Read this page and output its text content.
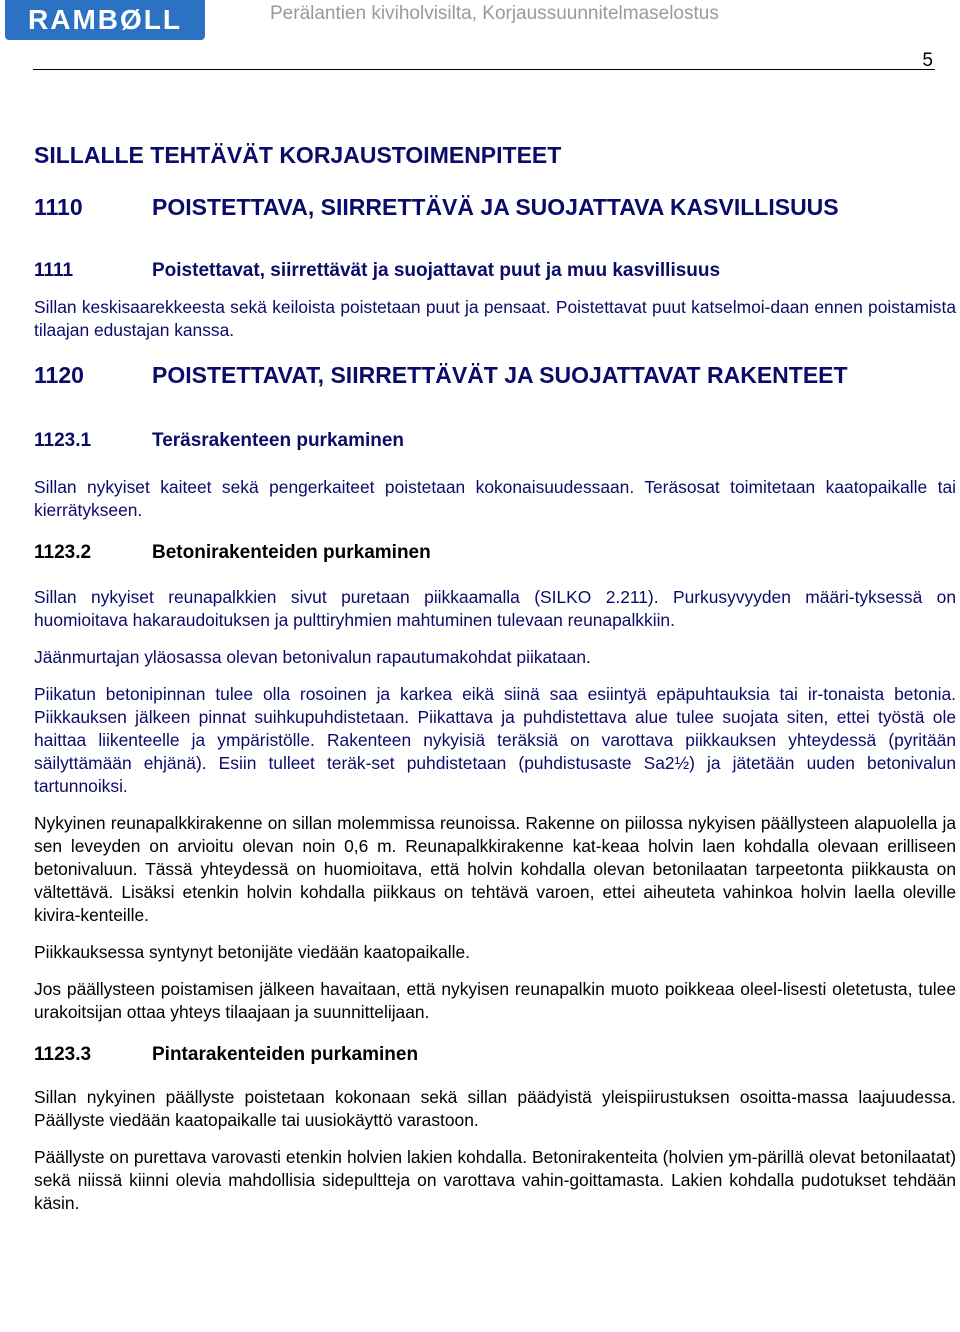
RAMBØLL	Perälantien kiviholvisilta, Korjaussuunnitelmaselostus
5
SILLALLE TEHTÄVÄT KORJAUSTOIMENPITEET
1110	POISTETTAVA, SIIRRETTÄVÄ JA SUOJATTAVA KASVILLISUUS
1111	Poistettavat, siirrettävät ja suojattavat puut ja muu kasvillisuus

Sillan keskisaarekkeesta sekä keiloista poistetaan puut ja pensaat. Poistettavat puut katselmoi-daan ennen poistamista tilaajan edustajan kanssa.

1120	POISTETTAVAT, SIIRRETTÄVÄT JA SUOJATTAVAT RAKENTEET
1123.1	Teräsrakenteen purkaminen

Sillan nykyiset kaiteet sekä pengerkaiteet poistetaan kokonaisuudessaan. Teräsosat toimitetaan kaatopaikalle tai kierrätykseen.

1123.2	Betonirakenteiden purkaminen

Sillan nykyiset reunapalkkien sivut puretaan piikkaamalla (SILKO 2.211). Purkusyvyyden määri-tyksessä on huomioitava hakaraudoituksen ja pulttiryhmien mahtuminen tulevaan reunapalkkiin.

Jäänmurtajan yläosassa olevan betonivalun rapautumakohdat piikataan.

Piikatun betonipinnan tulee olla rosoinen ja karkea eikä siinä saa esiintyä epäpuhtauksia tai ir-tonaista betonia. Piikkauksen jälkeen pinnat suihkupuhdistetaan. Piikattava ja puhdistettava alue tulee suojata siten, ettei työstä ole haittaa liikenteelle ja ympäristölle. Rakenteen nykyisiä teräksiä on varottava piikkauksen yhteydessä (pyritään säilyttämään ehjänä). Esiin tulleet teräk-set puhdistetaan (puhdistusaste Sa2½) ja jätetään uuden betonivalun tartunnoiksi.

Nykyinen reunapalkkirakenne on sillan molemmissa reunoissa. Rakenne on piilossa nykyisen päällysteen alapuolella ja sen leveyden on arvioitu olevan noin 0,6 m. Reunapalkkirakenne kat-keaa holvin laen kohdalla olevaan erilliseen betonivaluun. Tässä yhteydessä on huomioitava, että holvin kohdalla olevan betonilaatan tarpeetonta piikkausta on vältettävä. Lisäksi etenkin holvin kohdalla piikkaus on tehtävä varoen, ettei aiheuteta vahinkoa holvin laella oleville kivira-kenteille.

Piikkauksessa syntynyt betonijäte viedään kaatopaikalle.

Jos päällysteen poistamisen jälkeen havaitaan, että nykyisen reunapalkin muoto poikkeaa oleel-lisesti oletetusta, tulee urakoitsijan ottaa yhteys tilaajaan ja suunnittelijaan.

1123.3	Pintarakenteiden purkaminen

Sillan nykyinen päällyste poistetaan kokonaan sekä sillan päädyistä yleispiirustuksen osoitta-massa laajuudessa. Päällyste viedään kaatopaikalle tai uusiokäyttö varastoon.

Päällyste on purettava varovasti etenkin holvien lakien kohdalla. Betonirakenteita (holvien ym-pärillä olevat betonilaatat) sekä niissä kiinni olevia mahdollisia sidepultteja on varottava vahin-goittamasta. Lakien kohdalla pudotukset tehdään käsin.
